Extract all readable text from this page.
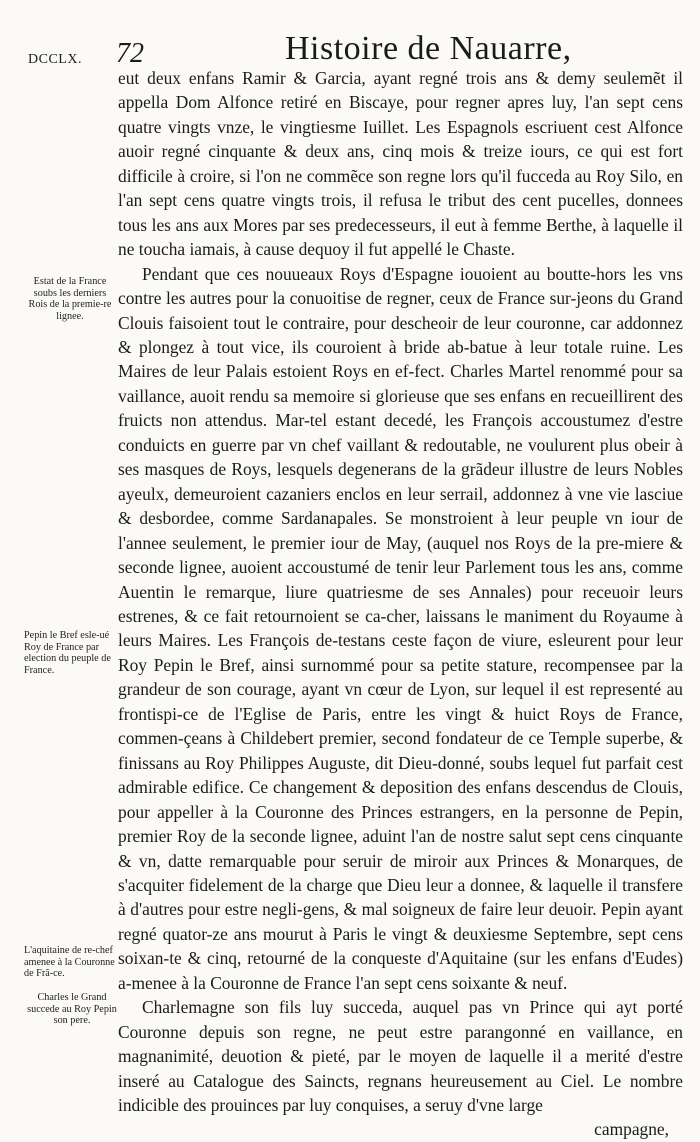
DCCLX. 72	Histoire de Nauarre,
Estat de la France soubs les derniers Rois de la premie-re lignee.
Pepin le Bref esle-ué Roy de France par election du peuple de France.
L'aquitaine de re-chef amenee à la Couronne de Frã-ce.
Charles le Grand succede au Roy Pepin son pere.

eut deux enfans Ramir & Garcia, ayant regné trois ans & demy seulemẽt il appella Dom Alfonce retiré en Biscaye, pour regner apres luy, l'an sept cens quatre vingts vnze, le vingtiesme Iuillet. Les Espagnols escriuent cest Alfonce auoir regné cinquante & deux ans, cinq mois & treize iours, ce qui est fort difficile à croire, si l'on ne commẽce son regne lors qu'il fucceda au Roy Silo, en l'an sept cens quatre vingts trois, il refusa le tribut des cent pucelles, donnees tous les ans aux Mores par ses predecesseurs, il eut à femme Berthe, à laquelle il ne toucha iamais, à cause dequoy il fut appellé le Chaste.

Pendant que ces nouueaux Roys d'Espagne iouoient au boutte-hors les vns contre les autres pour la conuoitise de regner, ceux de France sur-jeons du Grand Clouis faisoient tout le contraire, pour descheoir de leur couronne, car addonnez & plongez à tout vice, ils couroient à bride ab-batue à leur totale ruine. Les Maires de leur Palais estoient Roys en ef-fect. Charles Martel renommé pour sa vaillance, auoit rendu sa memoire si glorieuse que ses enfans en recueillirent des fruicts non attendus. Mar-tel estant decedé, les François accoustumez d'estre conduicts en guerre par vn chef vaillant & redoutable, ne voulurent plus obeir à ses masques de Roys, lesquels degenerans de la grãdeur illustre de leurs Nobles ayeulx, demeuroient cazaniers enclos en leur serrail, addonnez à vne vie lasciue & desbordee, comme Sardanapales. Se monstroient à leur peuple vn iour de l'annee seulement, le premier iour de May, (auquel nos Roys de la pre-miere & seconde lignee, auoient accoustumé de tenir leur Parlement tous les ans, comme Auentin le remarque, liure quatriesme de ses Annales) pour receuoir leurs estrenes, & ce fait retournoient se ca-cher, laissans le maniment du Royaume à leurs Maires. Les François de-testans ceste façon de viure, esleurent pour leur Roy Pepin le Bref, ainsi surnommé pour sa petite stature, recompensee par la grandeur de son courage, ayant vn cœur de Lyon, sur lequel il est representé au frontispi-ce de l'Eglise de Paris, entre les vingt & huict Roys de France, commen-çeans à Childebert premier, second fondateur de ce Temple superbe, & finissans au Roy Philippes Auguste, dit Dieu-donné, soubs lequel fut parfait cest admirable edifice. Ce changement & deposition des enfans descendus de Clouis, pour appeller à la Couronne des Princes estrangers, en la personne de Pepin, premier Roy de la seconde lignee, aduint l'an de nostre salut sept cens cinquante & vn, datte remarquable pour seruir de miroir aux Princes & Monarques, de s'acquiter fidelement de la charge que Dieu leur a donnee, & laquelle il transfere à d'autres pour estre negli-gens, & mal soigneux de faire leur deuoir. Pepin ayant regné quator-ze ans mourut à Paris le vingt & deuxiesme Septembre, sept cens soixan-te & cinq, retourné de la conqueste d'Aquitaine (sur les enfans d'Eudes) a-menee à la Couronne de France l'an sept cens soixante & neuf.

Charlemagne son fils luy succeda, auquel pas vn Prince qui ayt porté Couronne depuis son regne, ne peut estre parangonné en vaillance, en magnanimité, deuotion & pieté, par le moyen de laquelle il a merité d'estre inseré au Catalogue des Saincts, regnans heureusement au Ciel. Le nombre indicible des prouinces par luy conquises, a seruy d'vne large

campagne,
